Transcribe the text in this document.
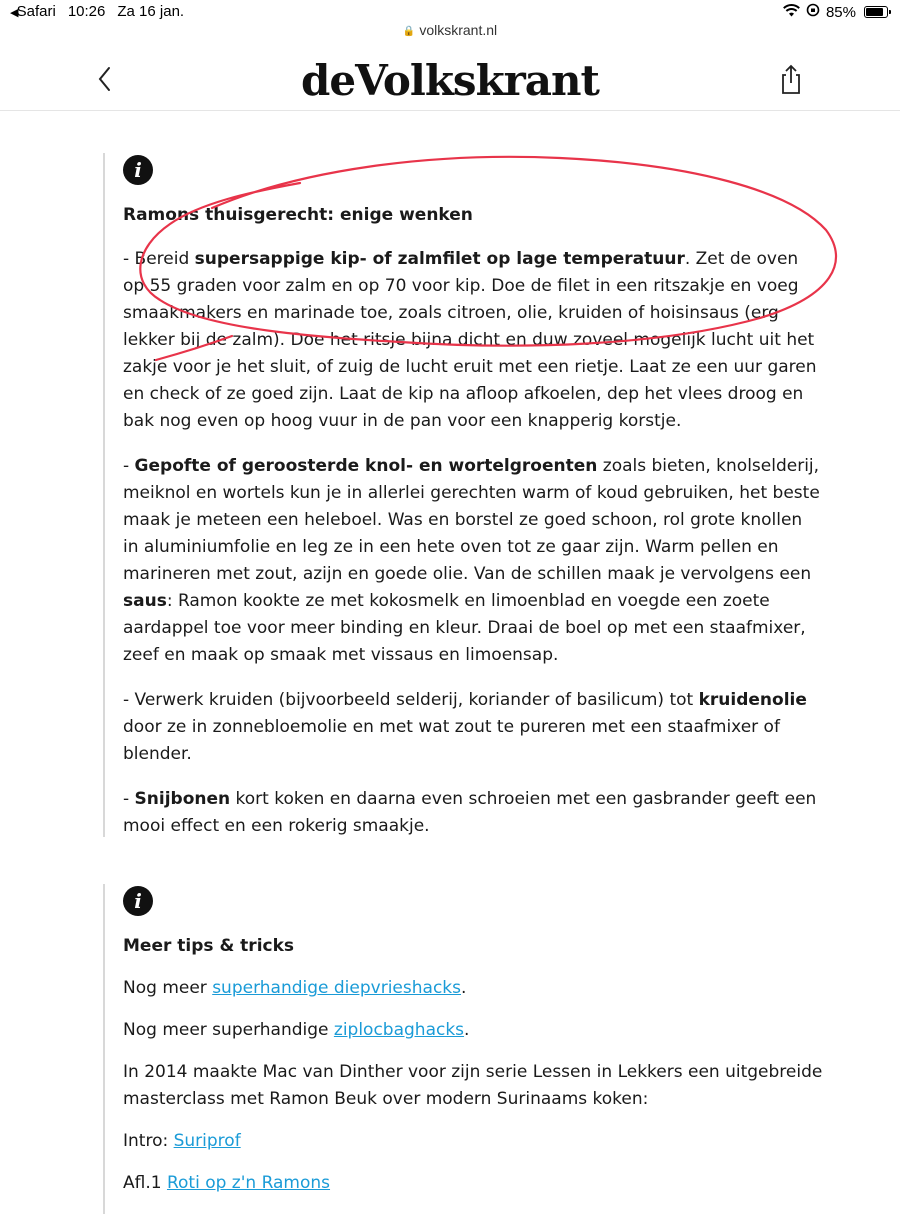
◀ Safari 10:26 Za 16 jan.	85%
🔒 volkskrant.nl
deVolkskrant
i

Ramons thuisgerecht: enige wenken

- Bereid supersappige kip- of zalmfilet op lage temperatuur. Zet de oven op 55 graden voor zalm en op 70 voor kip. Doe de filet in een ritszakje en voeg smaakmakers en marinade toe, zoals citroen, olie, kruiden of hoisinsaus (erg lekker bij de zalm). Doe het ritsje bijna dicht en duw zoveel mogelijk lucht uit het zakje voor je het sluit, of zuig de lucht eruit met een rietje. Laat ze een uur garen en check of ze goed zijn. Laat de kip na afloop afkoelen, dep het vlees droog en bak nog even op hoog vuur in de pan voor een knapperig korstje.

- Gepofte of geroosterde knol- en wortelgroenten zoals bieten, knolselderij, meiknol en wortels kun je in allerlei gerechten warm of koud gebruiken, het beste maak je meteen een heleboel. Was en borstel ze goed schoon, rol grote knollen in aluminiumfolie en leg ze in een hete oven tot ze gaar zijn. Warm pellen en marineren met zout, azijn en goede olie. Van de schillen maak je vervolgens een saus: Ramon kookte ze met kokosmelk en limoenblad en voegde een zoete aardappel toe voor meer binding en kleur. Draai de boel op met een staafmixer, zeef en maak op smaak met vissaus en limoensap.

- Verwerk kruiden (bijvoorbeeld selderij, koriander of basilicum) tot kruidenolie door ze in zonnebloemolie en met wat zout te pureren met een staafmixer of blender.

- Snijbonen kort koken en daarna even schroeien met een gasbrander geeft een mooi effect en een rokerig smaakje.

i

Meer tips & tricks

Nog meer superhandige diepvrieshacks.

Nog meer superhandige ziplocbaghacks.

In 2014 maakte Mac van Dinther voor zijn serie Lessen in Lekkers een uitgebreide masterclass met Ramon Beuk over modern Surinaams koken:

Intro: Suriprof

Afl.1 Roti op z'n Ramons
